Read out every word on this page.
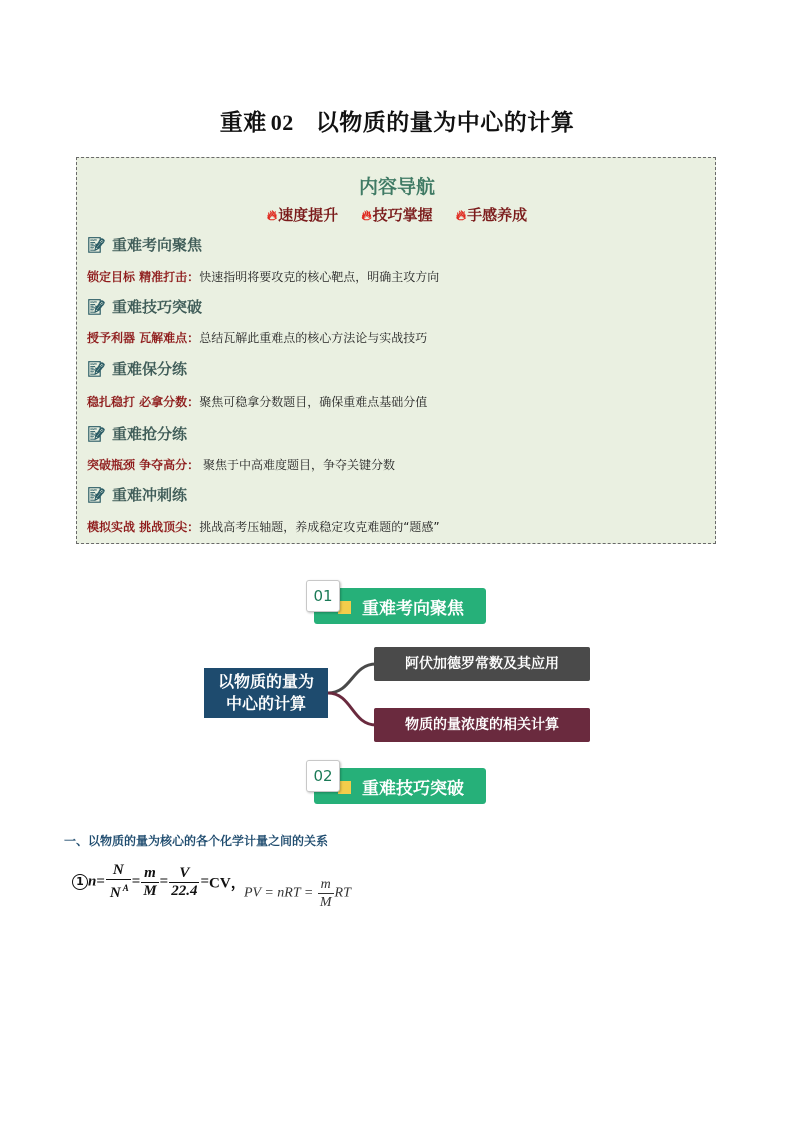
重难 02 以物质的量为中心的计算
内容导航
🔥︎速度提升 🔥︎技巧掌握 🔥︎手感养成
📝︎ 重难考向聚焦
锁定目标 精准打击：快速指明将要攻克的核心靶点，明确主攻方向
📝︎ 重难技巧突破
授予利器 瓦解难点：总结瓦解此重难点的核心方法论与实战技巧
📝︎ 重难保分练
稳扎稳打 必拿分数：聚焦可稳拿分数题目，确保重难点基础分值
📝︎ 重难抢分练
突破瓶颈 争夺高分： 聚焦于中高难度题目，争夺关键分数
📝︎ 重难冲刺练
模拟实战 挑战顶尖：挑战高考压轴题，养成稳定攻克难题的“题感”
重难考向聚焦
01
以物质的量为
中心的计算
阿伏加德罗常数及其应用
物质的量浓度的相关计算
重难技巧突破
02
一、以物质的量为核心的各个化学计量之间的关系
1 $n= \frac{N}{N ^A} = \frac{m}{M} = \frac{V}{22.4} =CV$，
PV = nRT = $\frac{m}{M}$ RT
